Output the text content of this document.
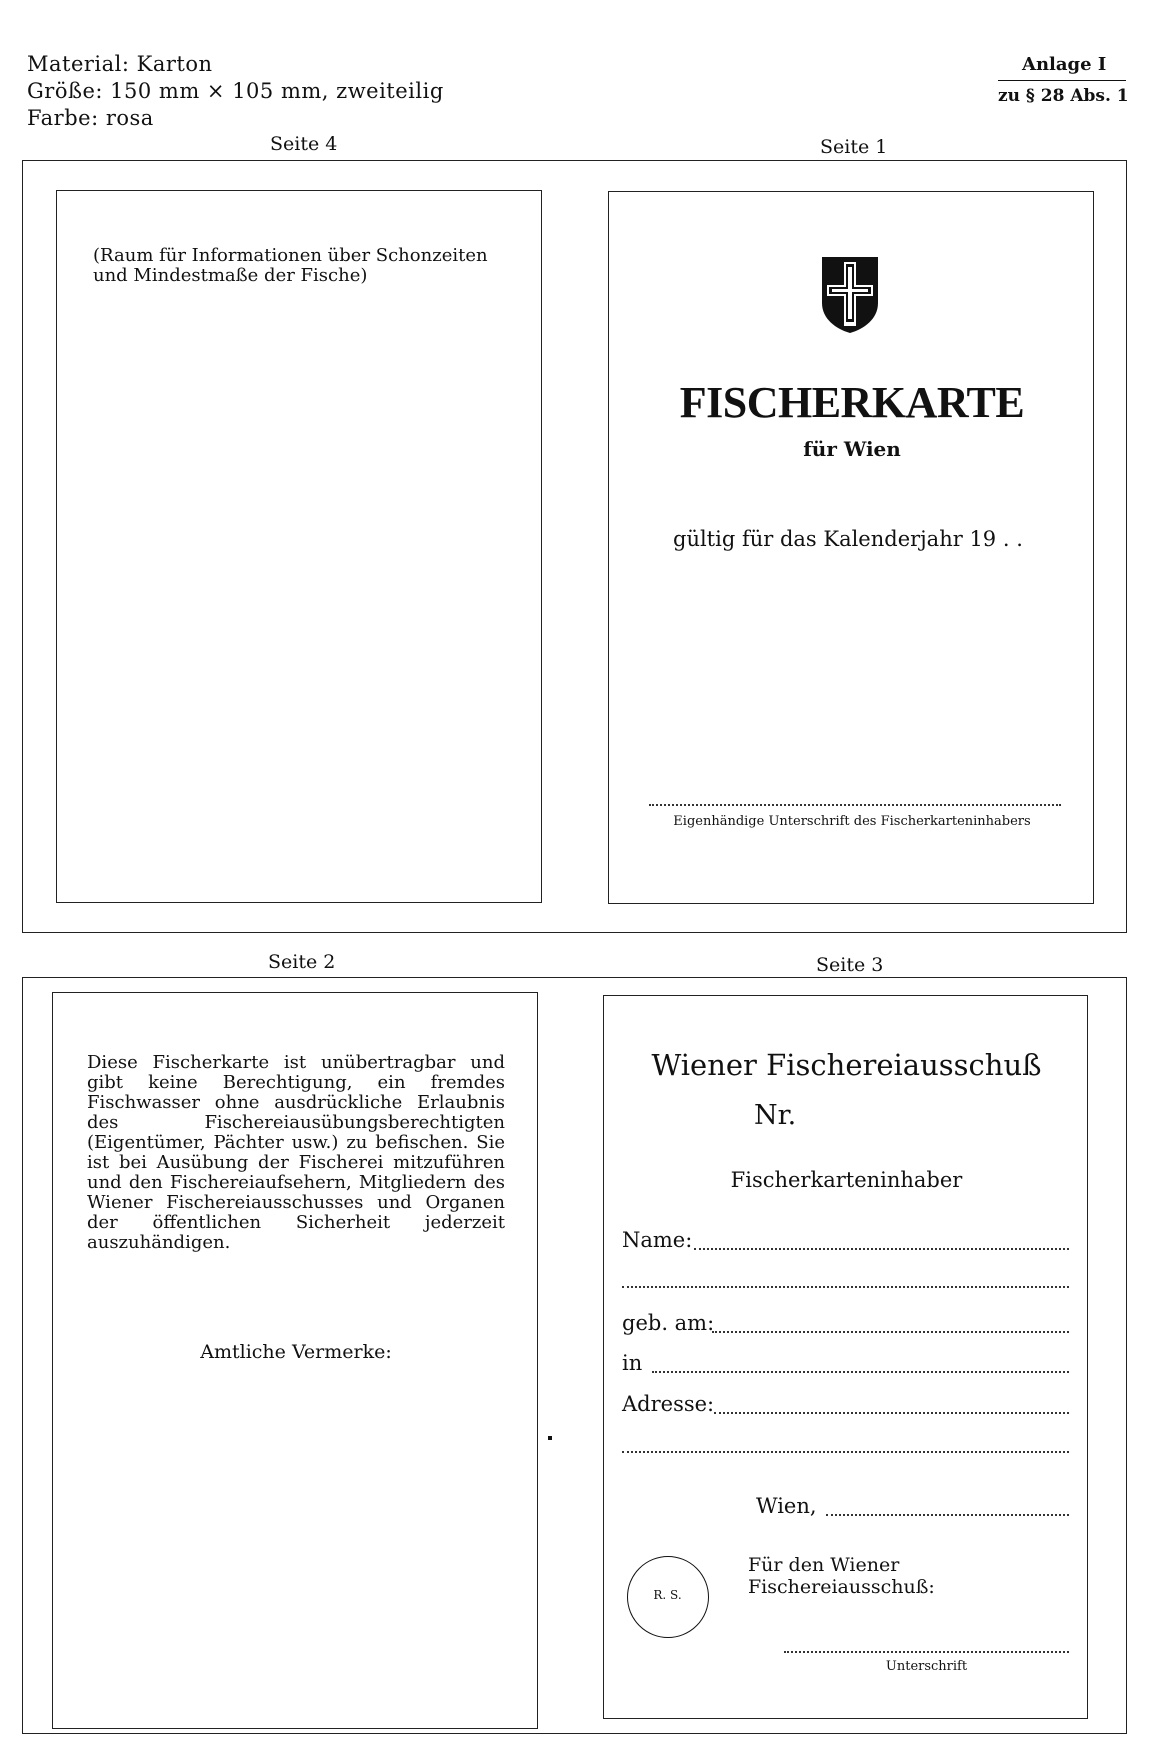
Material: Karton
Größe: 150 mm × 105 mm, zweiteilig
Farbe: rosa
Anlage I
zu § 28 Abs. 1
Seite 4	Seite 1
(Raum für Informationen über Schonzeiten und Mindestmaße der Fische)
FISCHERKARTE
für Wien
gültig für das Kalenderjahr 19 . .
Eigenhändige Unterschrift des Fischerkarteninhabers
Seite 2	Seite 3
Diese Fischerkarte ist unübertragbar und gibt keine Berechtigung, ein fremdes Fischwasser ohne ausdrückliche Erlaubnis des Fischereiausübungsberechtigten (Eigentümer, Pächter usw.) zu befischen. Sie ist bei Ausübung der Fischerei mitzuführen und den Fischereiaufsehern, Mitgliedern des Wiener Fischereiausschusses und Organen der öffentlichen Sicherheit jederzeit auszuhändigen.
Amtliche Vermerke:
Wiener Fischereiausschuß
Nr.
Fischerkarteninhaber
Name:
geb. am:
in
Adresse:
Wien,
Für den Wiener Fischereiausschuß:
R. S.
Unterschrift
